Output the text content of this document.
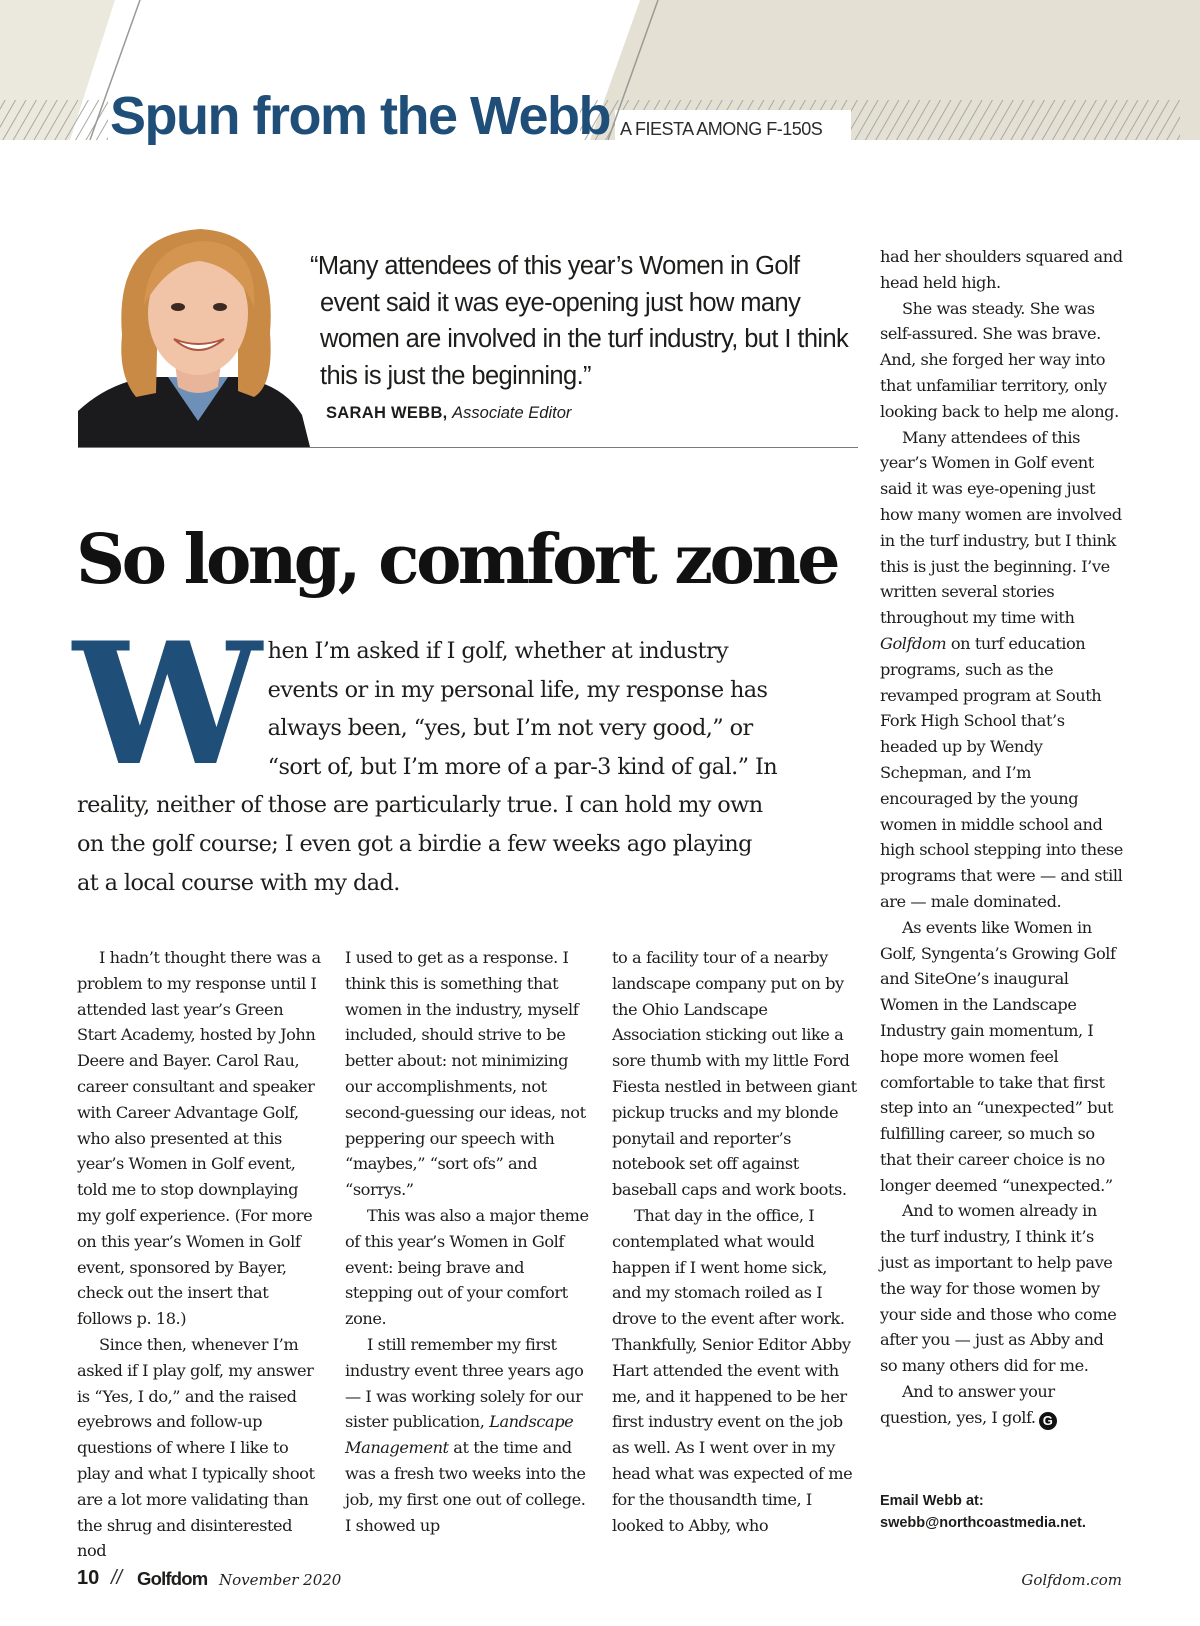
Spun from the Webb A FIESTA AMONG F-150S

“Many attendees of this year’s Women in Golf event said it was eye-opening just how many women are involved in the turf industry, but I think this is just the beginning.”

SARAH WEBB, Associate Editor
So long, comfort zone

When I’m asked if I golf, whether at industry events or in my personal life, my response has always been, “yes, but I’m not very good,” or “sort of, but I’m more of a par-3 kind of gal.” In reality, neither of those are particularly true. I can hold my own on the golf course; I even got a birdie a few weeks ago playing at a local course with my dad.

I hadn’t thought there was a problem to my response until I attended last year’s Green Start Academy, hosted by John Deere and Bayer. Carol Rau, career consultant and speaker with Career Advantage Golf, who also presented at this year’s Women in Golf event, told me to stop downplaying my golf experience. (For more on this year’s Women in Golf event, sponsored by Bayer, check out the insert that follows p. 18.)

Since then, whenever I’m asked if I play golf, my answer is “Yes, I do,” and the raised eyebrows and follow-up questions of where I like to play and what I typically shoot are a lot more validating than the shrug and disinterested nod

I used to get as a response. I think this is something that women in the industry, myself included, should strive to be better about: not minimizing our accomplishments, not second-guessing our ideas, not peppering our speech with “maybes,” “sort ofs” and “sorrys.”

This was also a major theme of this year’s Women in Golf event: being brave and stepping out of your comfort zone.

I still remember my first industry event three years ago — I was working solely for our sister publication, Landscape Management at the time and was a fresh two weeks into the job, my first one out of college. I showed up

to a facility tour of a nearby landscape company put on by the Ohio Landscape Association sticking out like a sore thumb with my little Ford Fiesta nestled in between giant pickup trucks and my blonde ponytail and reporter’s notebook set off against baseball caps and work boots.

That day in the office, I contemplated what would happen if I went home sick, and my stomach roiled as I drove to the event after work. Thankfully, Senior Editor Abby Hart attended the event with me, and it happened to be her first industry event on the job as well. As I went over in my head what was expected of me for the thousandth time, I looked to Abby, who

had her shoulders squared and head held high.

She was steady. She was self-assured. She was brave. And, she forged her way into that unfamiliar territory, only looking back to help me along.

Many attendees of this year’s Women in Golf event said it was eye-opening just how many women are involved in the turf industry, but I think this is just the beginning. I’ve written several stories throughout my time with Golfdom on turf education programs, such as the revamped program at South Fork High School that’s headed up by Wendy Schepman, and I’m encouraged by the young women in middle school and high school stepping into these programs that were — and still are — male dominated.

As events like Women in Golf, Syngenta’s Growing Golf and SiteOne’s inaugural Women in the Landscape Industry gain momentum, I hope more women feel comfortable to take that first step into an “unexpected” but fulfilling career, so much so that their career choice is no longer deemed “unexpected.”

And to women already in the turf industry, I think it’s just as important to help pave the way for those women by your side and those who come after you — just as Abby and so many others did for me.

And to answer your question, yes, I golf. G

Email Webb at:
swebb@northcoastmedia.net.
10 // Golfdom November 2020	Golfdom.com
